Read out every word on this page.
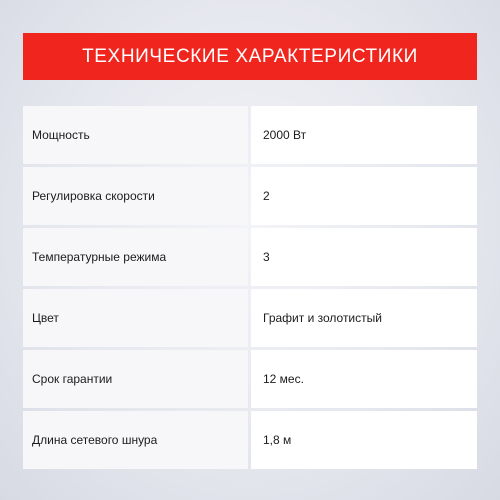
ТЕХНИЧЕСКИЕ ХАРАКТЕРИСТИКИ
Мощность	2000 Вт
Регулировка скорости	2
Температурные режима	3
Цвет	Графит и золотистый
Срок гарантии	12 мес.
Длина сетевого шнура	1,8 м
